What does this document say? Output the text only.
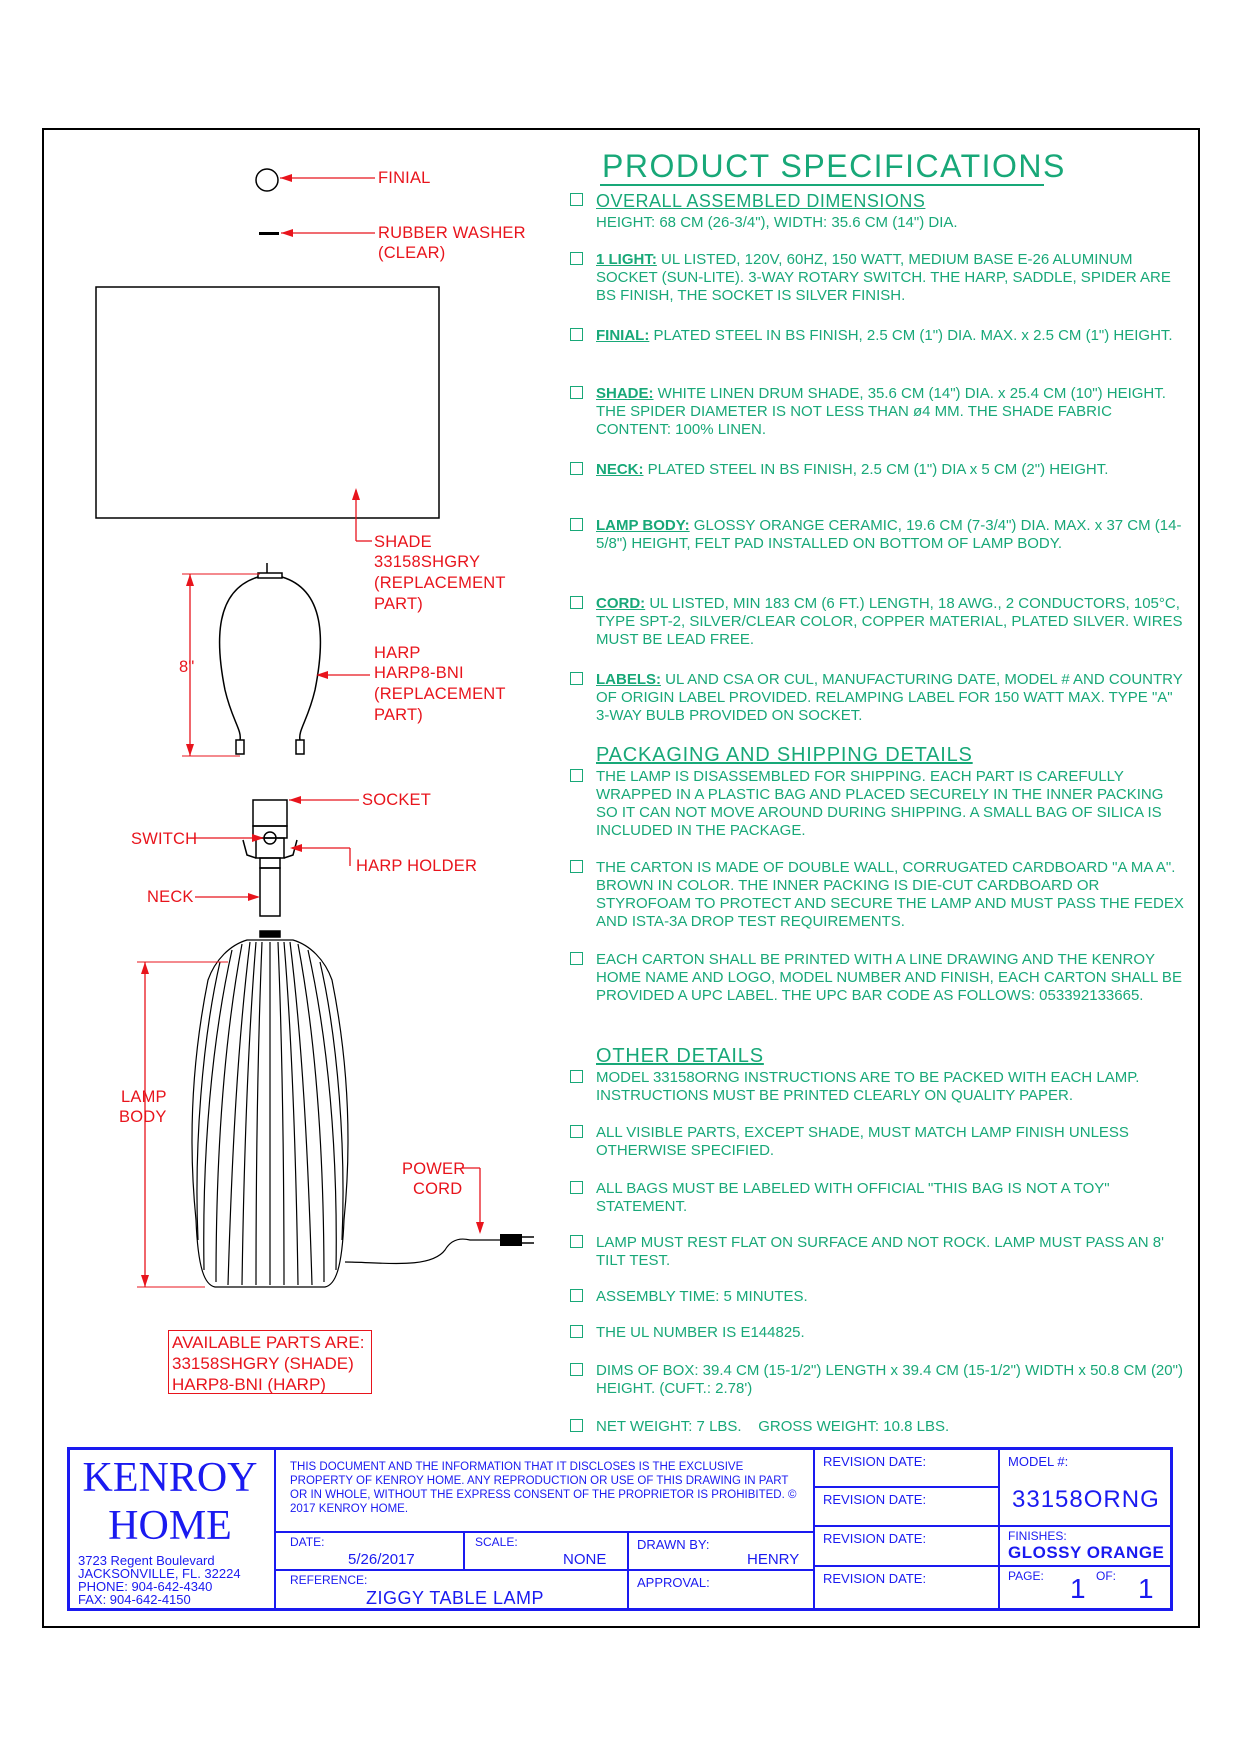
FINIAL
RUBBER WASHER
(CLEAR)
SHADE
33158SHGRY
(REPLACEMENT
PART)
HARP
HARP8-BNI
(REPLACEMENT
PART)
8"
SOCKET
SWITCH
HARP HOLDER
NECK
LAMP
BODY
POWER
CORD
AVAILABLE PARTS ARE:
33158SHGRY (SHADE)
HARP8-BNI (HARP)
PRODUCT SPECIFICATIONS
OVERALL ASSEMBLED DIMENSIONS
HEIGHT: 68 CM (26-3/4"), WIDTH: 35.6 CM (14") DIA.
1 LIGHT: UL LISTED, 120V, 60HZ, 150 WATT, MEDIUM BASE E-26 ALUMINUM SOCKET (SUN-LITE). 3-WAY ROTARY SWITCH. THE HARP, SADDLE, SPIDER ARE BS FINISH, THE SOCKET IS SILVER FINISH.
FINIAL: PLATED STEEL IN BS FINISH, 2.5 CM (1") DIA. MAX. x 2.5 CM (1") HEIGHT.
SHADE: WHITE LINEN DRUM SHADE, 35.6 CM (14") DIA. x 25.4 CM (10") HEIGHT. THE SPIDER DIAMETER IS NOT LESS THAN ø4 MM. THE SHADE FABRIC CONTENT: 100% LINEN.
NECK: PLATED STEEL IN BS FINISH, 2.5 CM (1") DIA x 5 CM (2") HEIGHT.
LAMP BODY: GLOSSY ORANGE CERAMIC, 19.6 CM (7-3/4") DIA. MAX. x 37 CM (14-5/8") HEIGHT, FELT PAD INSTALLED ON BOTTOM OF LAMP BODY.
CORD: UL LISTED, MIN 183 CM (6 FT.) LENGTH, 18 AWG., 2 CONDUCTORS, 105°C, TYPE SPT-2, SILVER/CLEAR COLOR, COPPER MATERIAL, PLATED SILVER. WIRES MUST BE LEAD FREE.
LABELS: UL AND CSA OR CUL, MANUFACTURING DATE, MODEL # AND COUNTRY OF ORIGIN LABEL PROVIDED. RELAMPING LABEL FOR 150 WATT MAX. TYPE "A" 3-WAY BULB PROVIDED ON SOCKET.
PACKAGING AND SHIPPING DETAILS
THE LAMP IS DISASSEMBLED FOR SHIPPING. EACH PART IS CAREFULLY WRAPPED IN A PLASTIC BAG AND PLACED SECURELY IN THE INNER PACKING SO IT CAN NOT MOVE AROUND DURING SHIPPING. A SMALL BAG OF SILICA IS INCLUDED IN THE PACKAGE.
THE CARTON IS MADE OF DOUBLE WALL, CORRUGATED CARDBOARD "A MA A". BROWN IN COLOR. THE INNER PACKING IS DIE-CUT CARDBOARD OR STYROFOAM TO PROTECT AND SECURE THE LAMP AND MUST PASS THE FEDEX AND ISTA-3A DROP TEST REQUIREMENTS.
EACH CARTON SHALL BE PRINTED WITH A LINE DRAWING AND THE KENROY HOME NAME AND LOGO, MODEL NUMBER AND FINISH, EACH CARTON SHALL BE PROVIDED A UPC LABEL. THE UPC BAR CODE AS FOLLOWS: 053392133665.
OTHER DETAILS
MODEL 33158ORNG INSTRUCTIONS ARE TO BE PACKED WITH EACH LAMP. INSTRUCTIONS MUST BE PRINTED CLEARLY ON QUALITY PAPER.
ALL VISIBLE PARTS, EXCEPT SHADE, MUST MATCH LAMP FINISH UNLESS OTHERWISE SPECIFIED.
ALL BAGS MUST BE LABELED WITH OFFICIAL "THIS BAG IS NOT A TOY" STATEMENT.
LAMP MUST REST FLAT ON SURFACE AND NOT ROCK. LAMP MUST PASS AN 8' TILT TEST.
ASSEMBLY TIME: 5 MINUTES.
THE UL NUMBER IS E144825.
DIMS OF BOX: 39.4 CM (15-1/2") LENGTH x 39.4 CM (15-1/2") WIDTH x 50.8 CM (20") HEIGHT. (CUFT.: 2.78')
NET WEIGHT: 7 LBS.    GROSS WEIGHT: 10.8 LBS.
KENROY
HOME
3723 Regent Boulevard
JACKSONVILLE, FL. 32224
PHONE: 904-642-4340
FAX: 904-642-4150
THIS DOCUMENT AND THE INFORMATION THAT IT DISCLOSES IS THE EXCLUSIVE PROPERTY OF KENROY HOME. ANY REPRODUCTION OR USE OF THIS DRAWING IN PART OR IN WHOLE, WITHOUT THE EXPRESS CONSENT OF THE PROPRIETOR IS PROHIBITED. © 2017 KENROY HOME.
DATE:
5/26/2017
SCALE:
NONE
DRAWN BY:
HENRY
REFERENCE:
ZIGGY TABLE LAMP
APPROVAL:
REVISION DATE:
REVISION DATE:
REVISION DATE:
REVISION DATE:
MODEL #:
33158ORNG
FINISHES:
GLOSSY ORANGE
PAGE: 1 OF: 1
